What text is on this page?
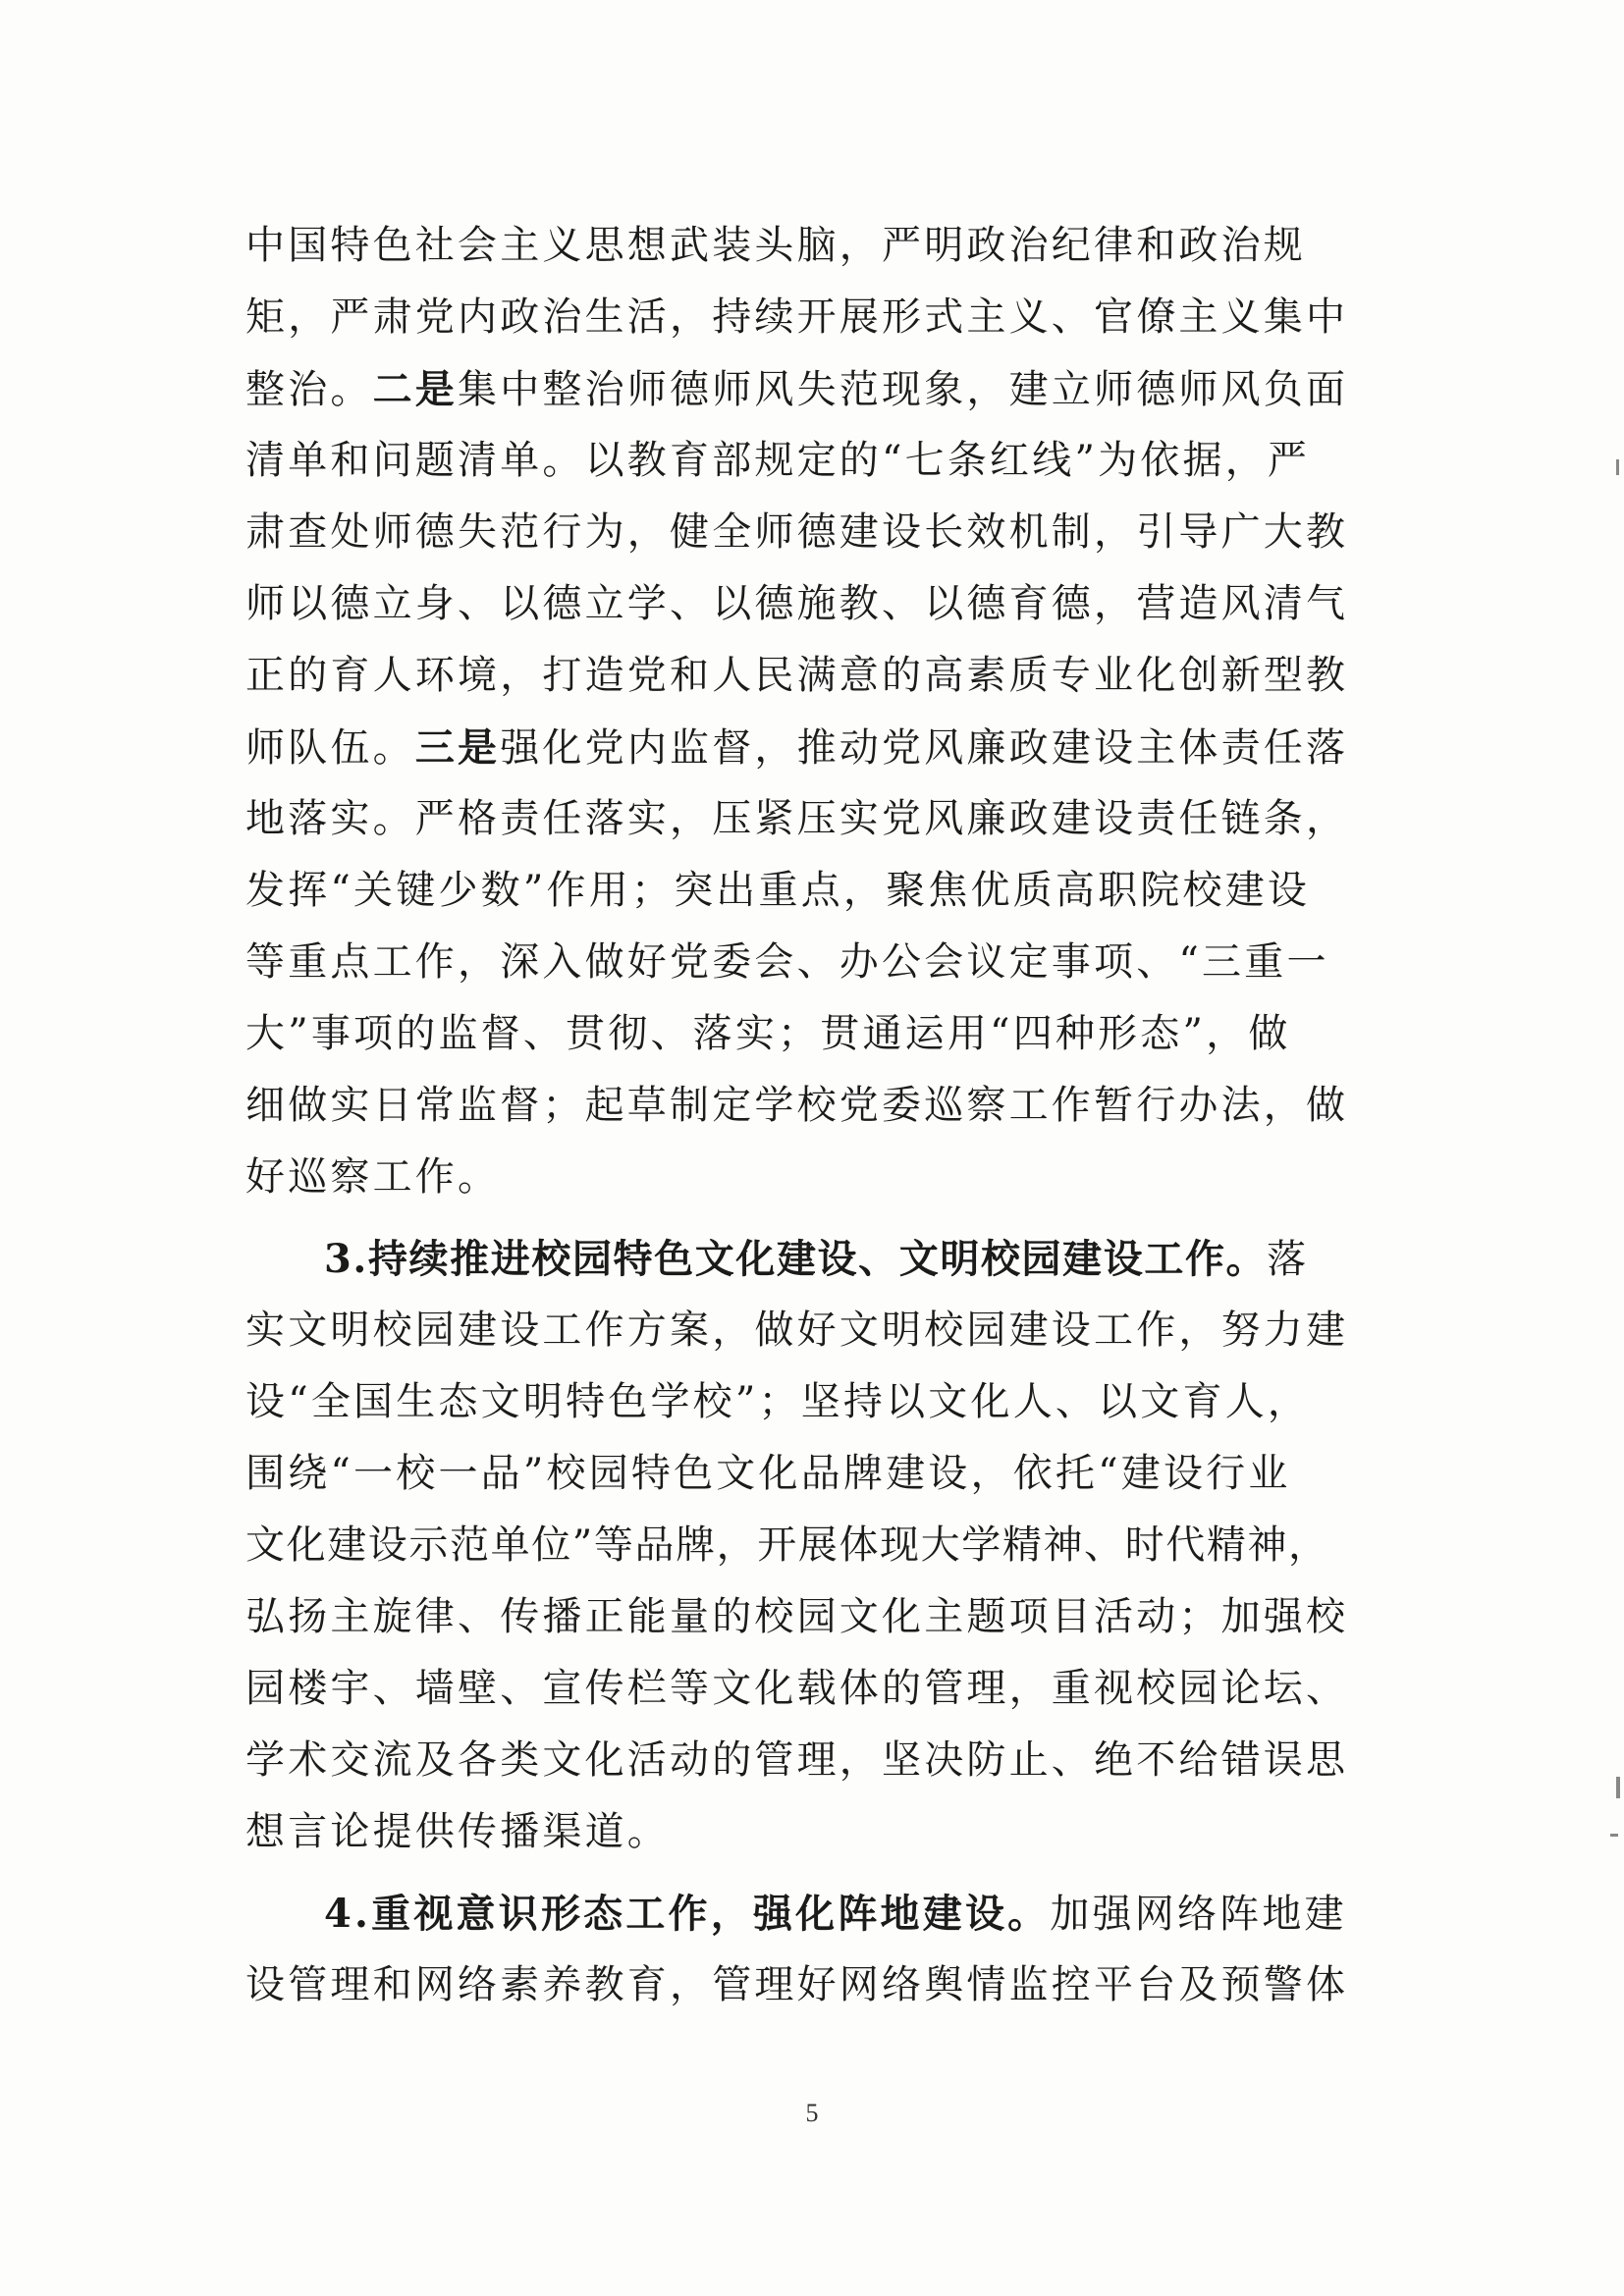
中国特色社会主义思想武装头脑，严明政治纪律和政治规
矩，严肃党内政治生活，持续开展形式主义、官僚主义集中
整治。二是集中整治师德师风失范现象，建立师德师风负面
清单和问题清单。以教育部规定的“七条红线”为依据，严
肃查处师德失范行为，健全师德建设长效机制，引导广大教
师以德立身、以德立学、以德施教、以德育德，营造风清气
正的育人环境，打造党和人民满意的高素质专业化创新型教
师队伍。三是强化党内监督，推动党风廉政建设主体责任落
地落实。严格责任落实，压紧压实党风廉政建设责任链条，
发挥“关键少数”作用；突出重点，聚焦优质高职院校建设
等重点工作，深入做好党委会、办公会议定事项、“三重一
大”事项的监督、贯彻、落实；贯通运用“四种形态”，做
细做实日常监督；起草制定学校党委巡察工作暂行办法，做
好巡察工作。
3.持续推进校园特色文化建设、文明校园建设工作。落
实文明校园建设工作方案，做好文明校园建设工作，努力建
设“全国生态文明特色学校”；坚持以文化人、以文育人，
围绕“一校一品”校园特色文化品牌建设，依托“建设行业
文化建设示范单位”等品牌，开展体现大学精神、时代精神，
弘扬主旋律、传播正能量的校园文化主题项目活动；加强校
园楼宇、墙壁、宣传栏等文化载体的管理，重视校园论坛、
学术交流及各类文化活动的管理，坚决防止、绝不给错误思
想言论提供传播渠道。
4.重视意识形态工作，强化阵地建设。加强网络阵地建
设管理和网络素养教育，管理好网络舆情监控平台及预警体
5
